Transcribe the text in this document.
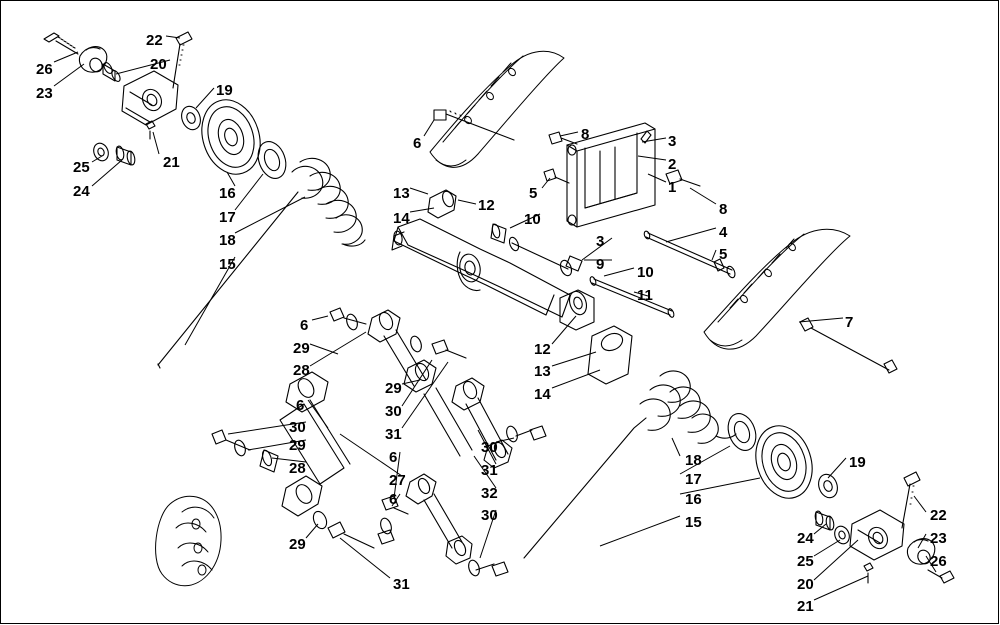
26
23
22
20
19
25
24
21
16
17
18
15
6
13
14
12
5
10
8	3
2
1
8
4
5
3
9 10
11
7
6
29
28
12
13
14
29
30
31
6
30
29
28
6
27
30
31
32
6
30
29
31
18
17
16
15
19
22
23
26
24
25
20
21
